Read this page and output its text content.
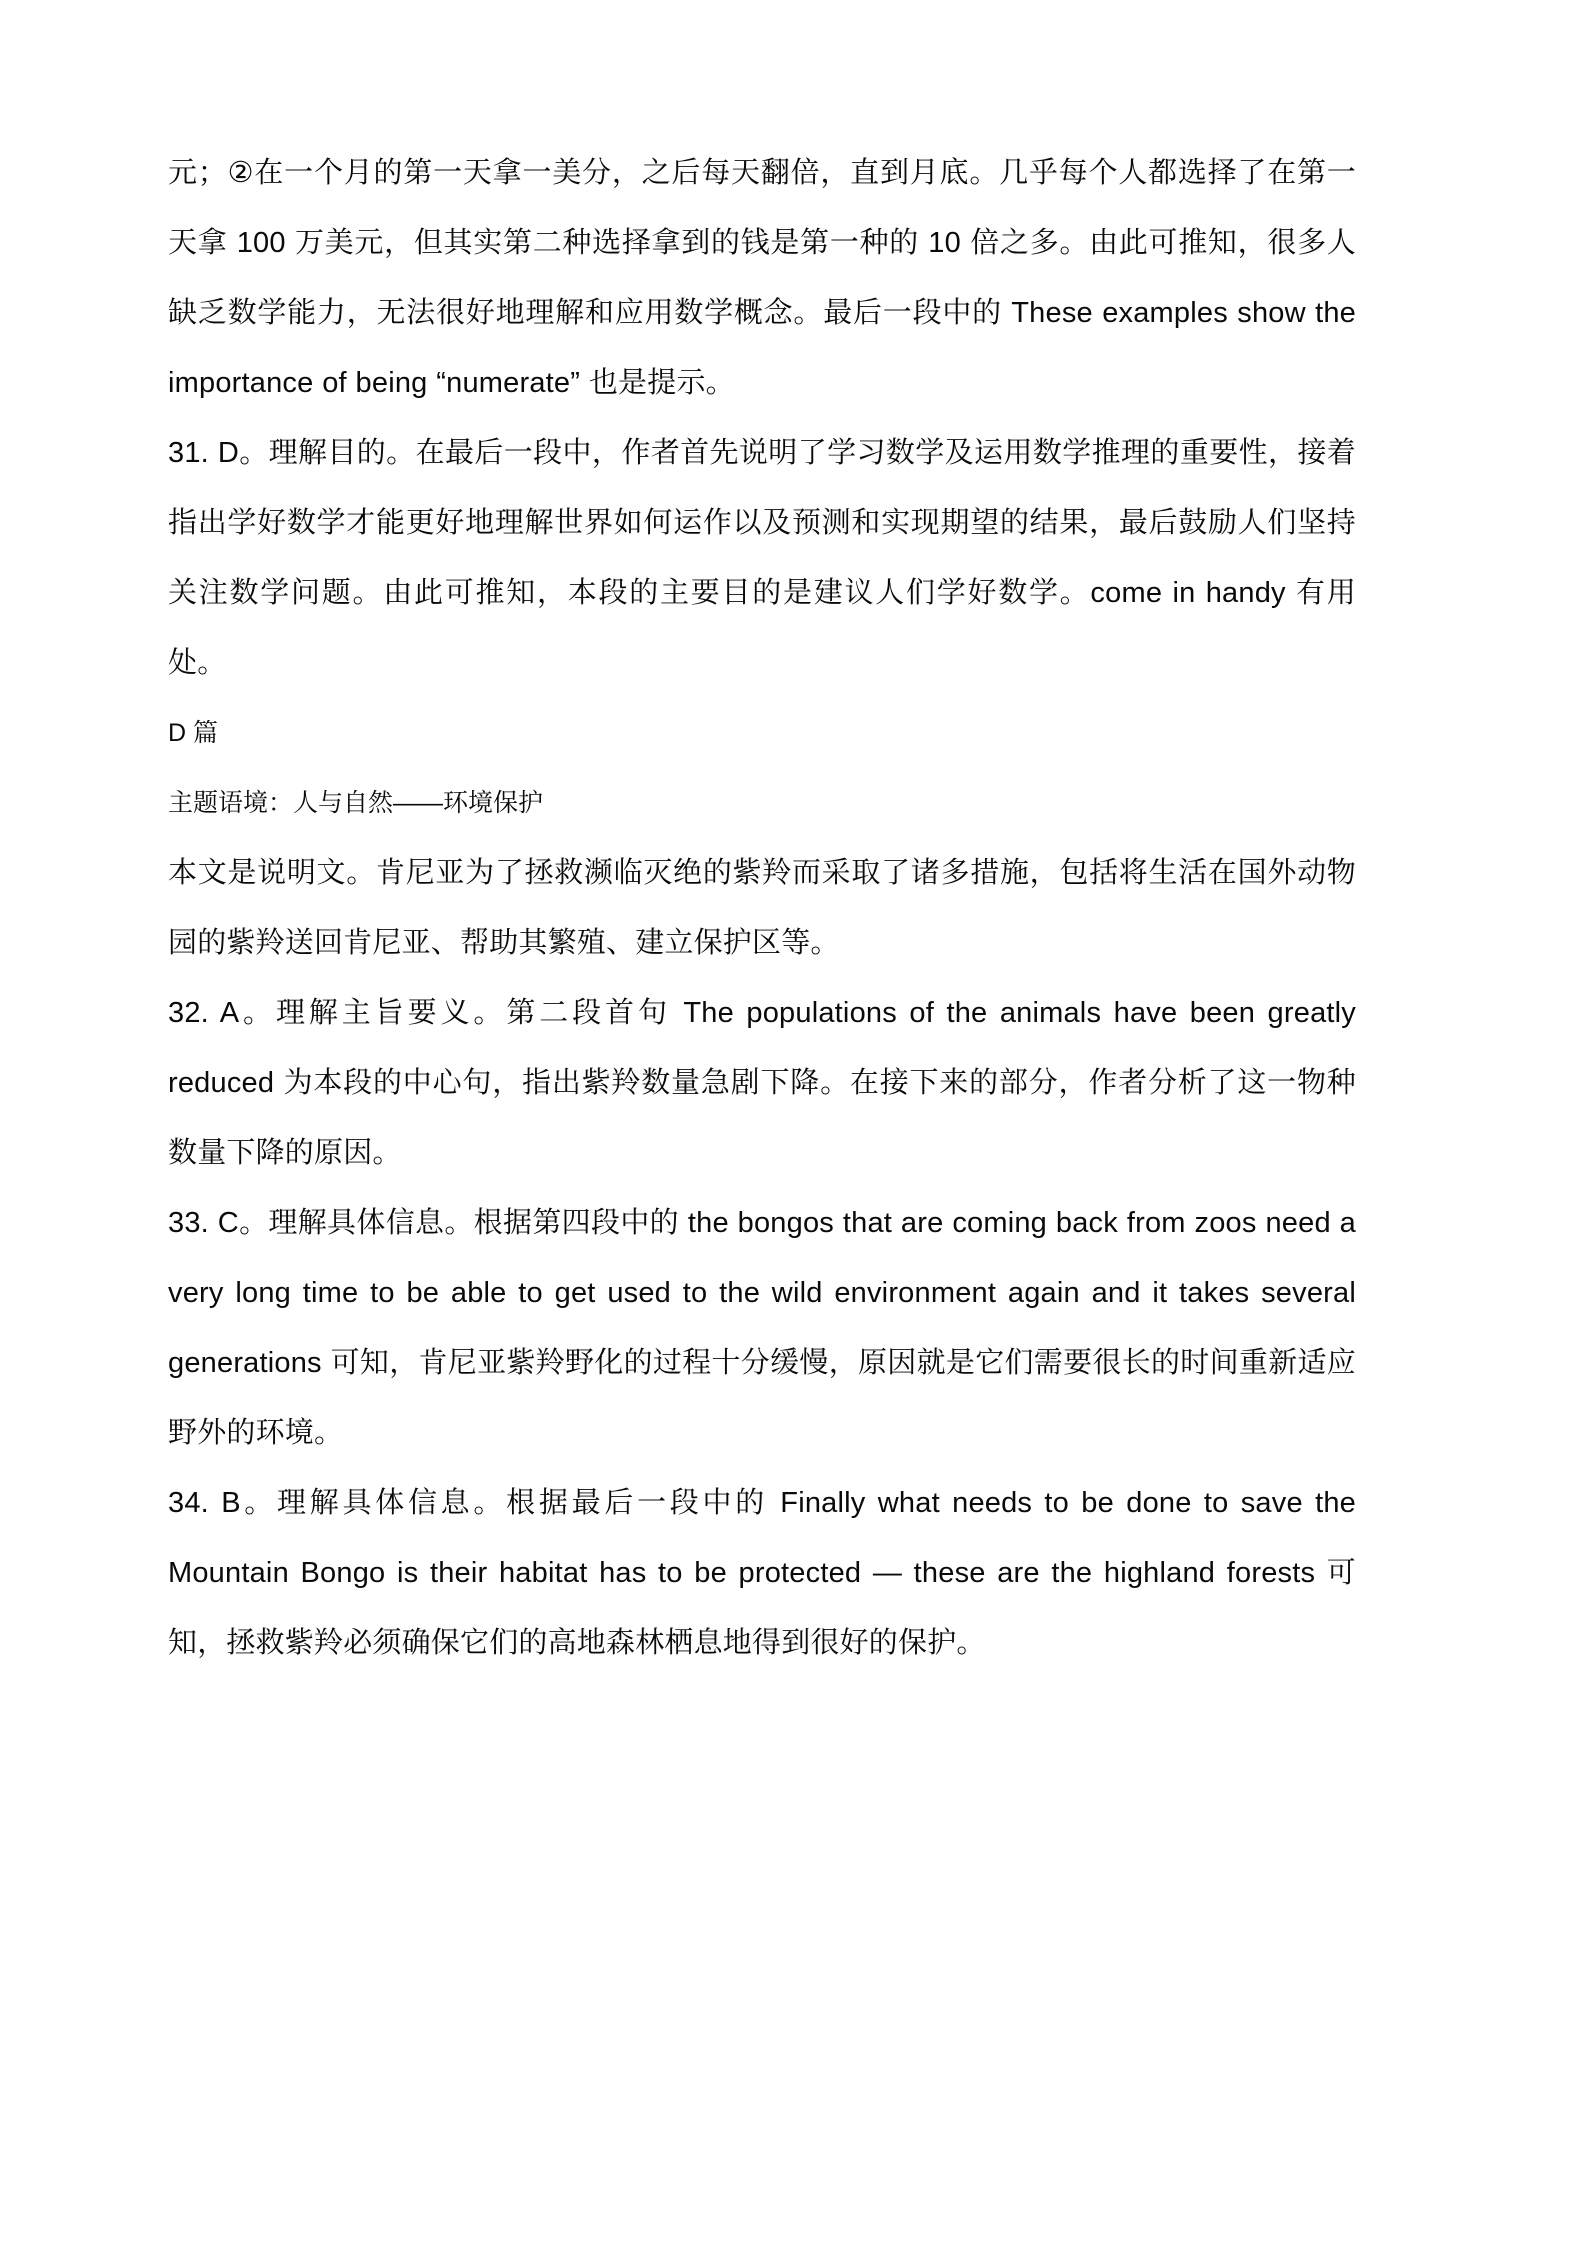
元；②在一个月的第一天拿一美分，之后每天翻倍，直到月底。几乎每个人都选择了在第一天拿 100 万美元，但其实第二种选择拿到的钱是第一种的 10 倍之多。由此可推知，很多人缺乏数学能力，无法很好地理解和应用数学概念。最后一段中的 These examples show the importance of being “numerate” 也是提示。

31. D。理解目的。在最后一段中，作者首先说明了学习数学及运用数学推理的重要性，接着指出学好数学才能更好地理解世界如何运作以及预测和实现期望的结果，最后鼓励人们坚持关注数学问题。由此可推知，本段的主要目的是建议人们学好数学。come in handy 有用处。

D 篇

主题语境：人与自然——环境保护

本文是说明文。肯尼亚为了拯救濒临灭绝的紫羚而采取了诸多措施，包括将生活在国外动物园的紫羚送回肯尼亚、帮助其繁殖、建立保护区等。

32. A。理解主旨要义。第二段首句 The populations of the animals have been greatly reduced 为本段的中心句，指出紫羚数量急剧下降。在接下来的部分，作者分析了这一物种数量下降的原因。

33. C。理解具体信息。根据第四段中的 the bongos that are coming back from zoos need a very long time to be able to get used to the wild environment again and it takes several generations 可知，肯尼亚紫羚野化的过程十分缓慢，原因就是它们需要很长的时间重新适应野外的环境。

34. B。理解具体信息。根据最后一段中的 Finally what needs to be done to save the Mountain Bongo is their habitat has to be protected — these are the highland forests 可知，拯救紫羚必须确保它们的高地森林栖息地得到很好的保护。
